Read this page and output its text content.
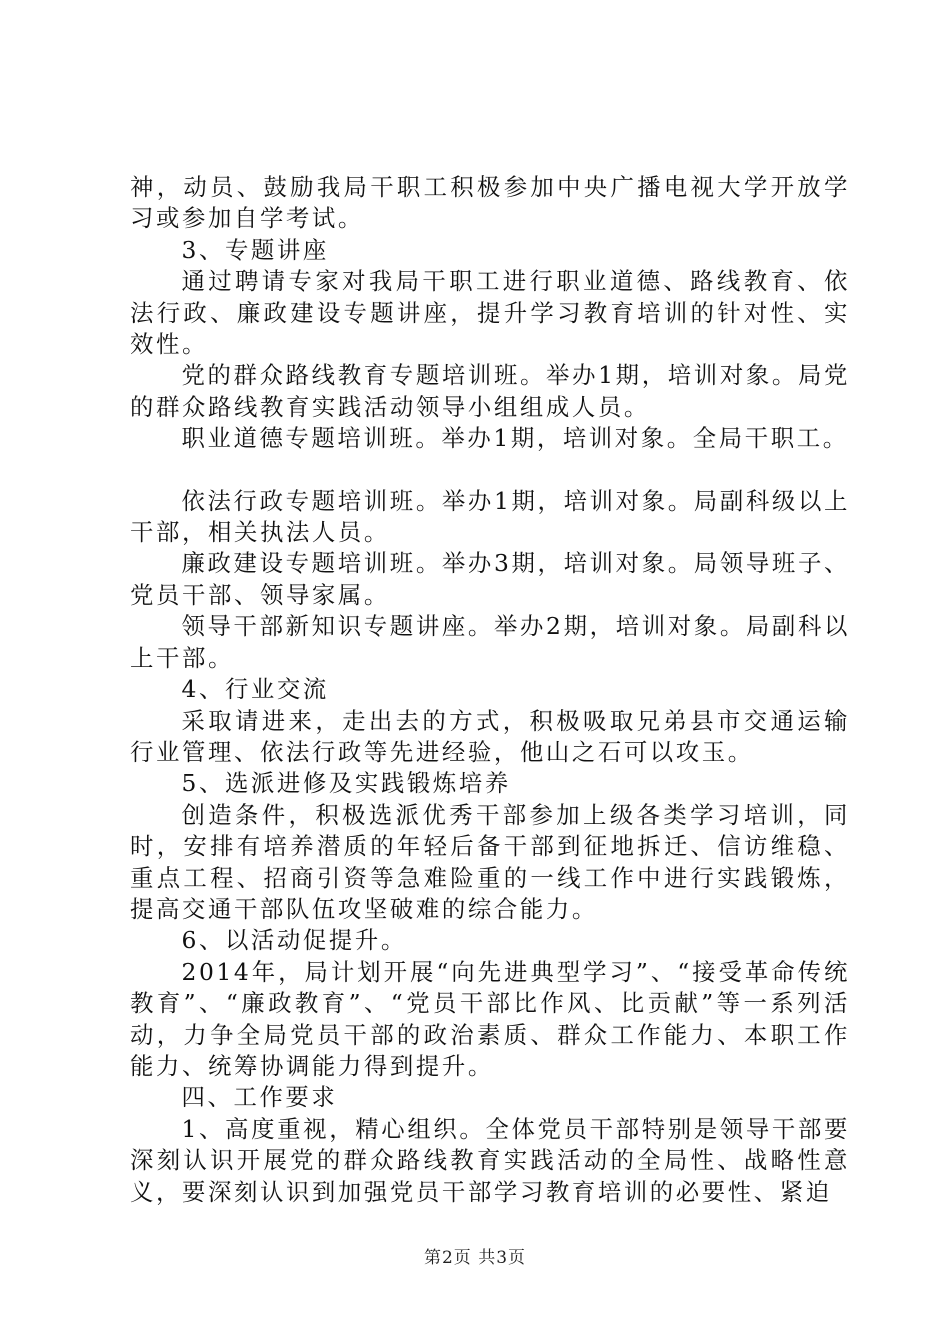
神，动员、鼓励我局干职工积极参加中央广播电视大学开放学习或参加自学考试。

3、专题讲座

通过聘请专家对我局干职工进行职业道德、路线教育、依法行政、廉政建设专题讲座，提升学习教育培训的针对性、实效性。

党的群众路线教育专题培训班。举办1期，培训对象。局党的群众路线教育实践活动领导小组组成人员。

职业道德专题培训班。举办1期，培训对象。全局干职工。

依法行政专题培训班。举办1期，培训对象。局副科级以上干部，相关执法人员。

廉政建设专题培训班。举办3期，培训对象。局领导班子、党员干部、领导家属。

领导干部新知识专题讲座。举办2期，培训对象。局副科以上干部。

4、行业交流

采取请进来，走出去的方式，积极吸取兄弟县市交通运输行业管理、依法行政等先进经验，他山之石可以攻玉。

5、选派进修及实践锻炼培养

创造条件，积极选派优秀干部参加上级各类学习培训，同时，安排有培养潜质的年轻后备干部到征地拆迁、信访维稳、重点工程、招商引资等急难险重的一线工作中进行实践锻炼，提高交通干部队伍攻坚破难的综合能力。

6、以活动促提升。

2014年，局计划开展“向先进典型学习”、“接受革命传统教育”、“廉政教育”、“党员干部比作风、比贡献”等一系列活动，力争全局党员干部的政治素质、群众工作能力、本职工作能力、统筹协调能力得到提升。

四、工作要求

1、高度重视，精心组织。全体党员干部特别是领导干部要深刻认识开展党的群众路线教育实践活动的全局性、战略性意义，要深刻认识到加强党员干部学习教育培训的必要性、紧迫

第2页 共3页
